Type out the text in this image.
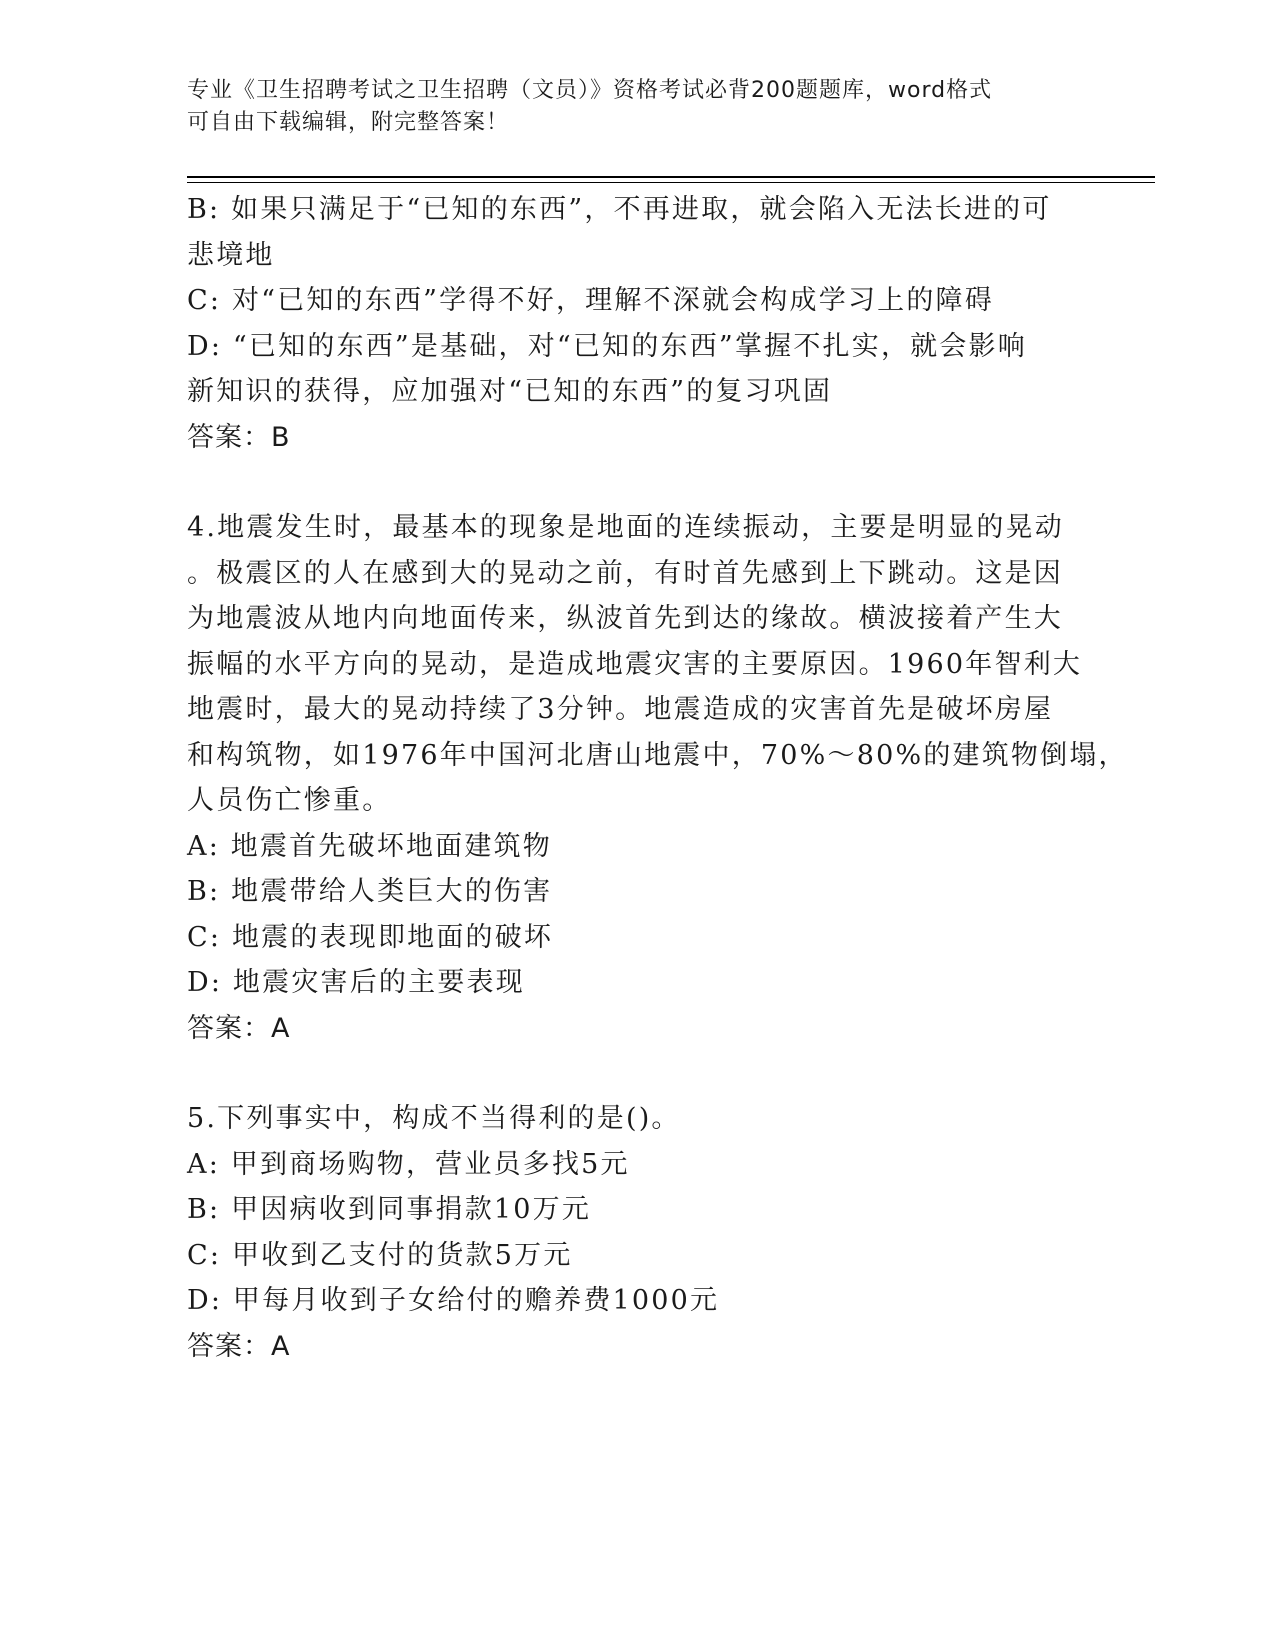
专业《卫生招聘考试之卫生招聘（文员）》资格考试必背200题题库，word格式
可自由下载编辑，附完整答案！
B: 如果只满足于“已知的东西”，不再进取，就会陷入无法长进的可
悲境地
C: 对“已知的东西”学得不好，理解不深就会构成学习上的障碍
D: “已知的东西”是基础，对“已知的东西”掌握不扎实，就会影响
新知识的获得，应加强对“已知的东西”的复习巩固
答案：B
4.地震发生时，最基本的现象是地面的连续振动，主要是明显的晃动
。极震区的人在感到大的晃动之前，有时首先感到上下跳动。这是因
为地震波从地内向地面传来，纵波首先到达的缘故。横波接着产生大
振幅的水平方向的晃动，是造成地震灾害的主要原因。1960年智利大
地震时，最大的晃动持续了3分钟。地震造成的灾害首先是破坏房屋
和构筑物，如1976年中国河北唐山地震中，70%～80%的建筑物倒塌，
人员伤亡惨重。
A: 地震首先破坏地面建筑物
B: 地震带给人类巨大的伤害
C: 地震的表现即地面的破坏
D: 地震灾害后的主要表现
答案：A
5.下列事实中，构成不当得利的是()。
A: 甲到商场购物，营业员多找5元
B: 甲因病收到同事捐款10万元
C: 甲收到乙支付的货款5万元
D: 甲每月收到子女给付的赡养费1000元
答案：A
